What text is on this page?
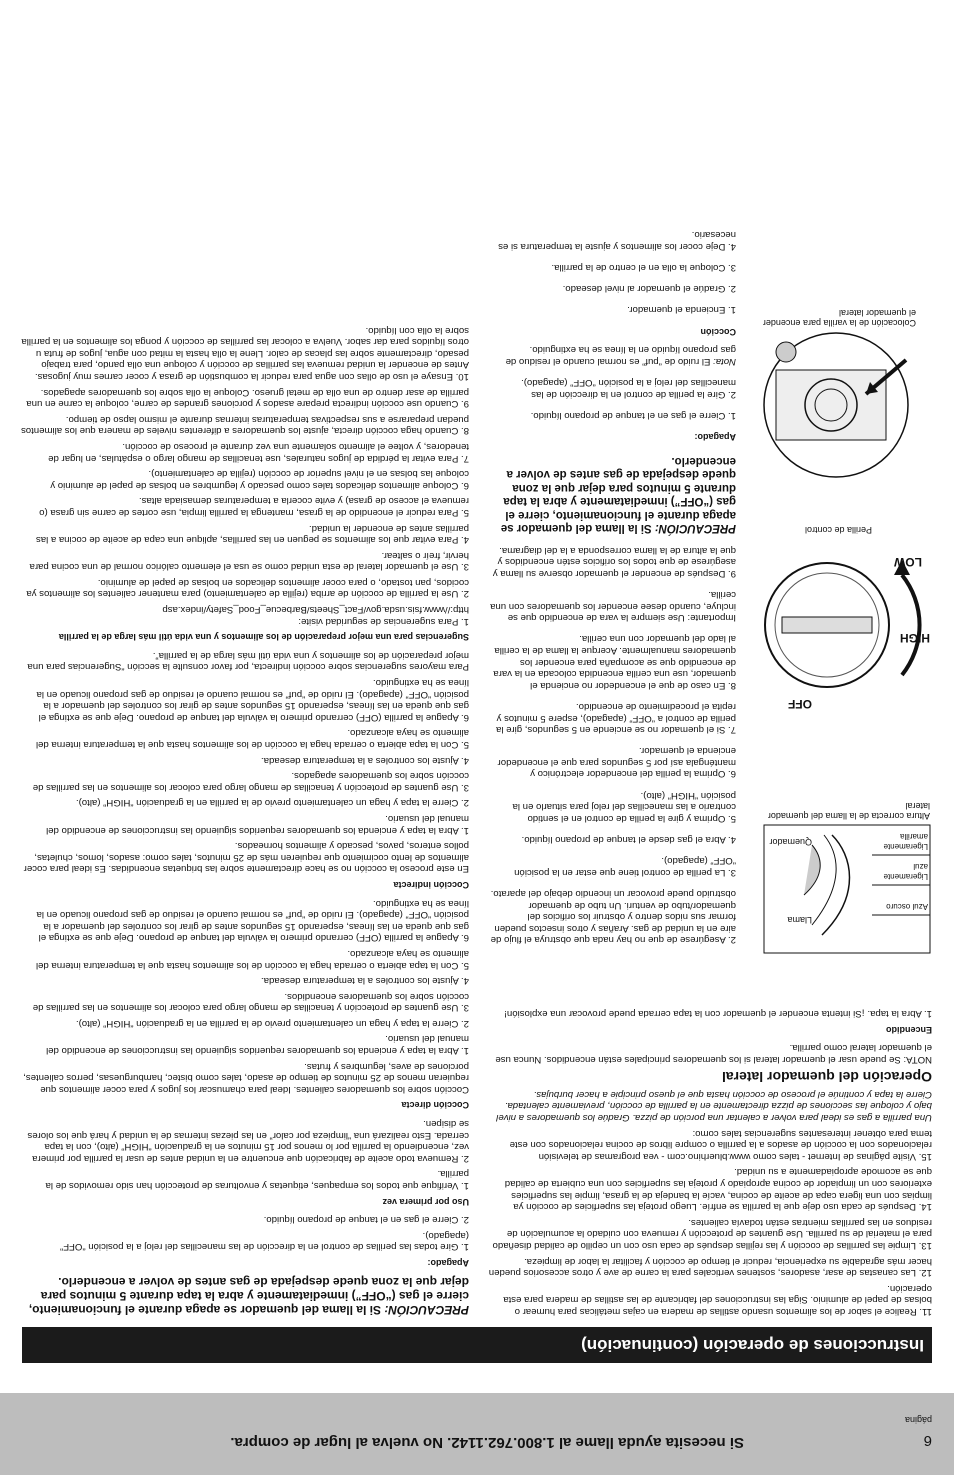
6
página
Si necesita ayuda llame al 1.800.762.1142. No vuelva al lugar de compra.
Instrucciones de operación (continuación)

PRECAUCIÓN: Si la llama del quemador se apaga durante el funcionamiento, cierre el gas (“OFF”) inmediatamente y abra la tapa durante 5 minutos para dejar que la zona quede despejada de gas antes de volver a encenderlo.

Apagado:

1. Gire todas las perillas de control en la dirección de las manecillas del reloj a la posición “OFF” (apagado).

2. Cierre el gas en el tanque de propano líquido.

Uso por primera vez

1. Verifique que todos los empaques, etiquetas y envolturas de protección han sido removidos de la parrilla.

2. Remueva todo aceite de fabricación que encuentre en la unidad antes de usar la parrilla por primera vez, encendiendo la parrilla por lo menos por 15 minutos en la graduación “HIGH” (alto), con la tapa cerrada. Esto realizará una “limpieza por calor” en las piezas internas de la unidad y hará que los olores se disipen.

Cocción directa

Cocción sobre los quemadores calientes. Ideal para chamuscar los jugos y para cocer alimentos que requieran menos de 25 minutos de tiempo de asado, tales como bistec, hamburguesas, perros calientes, porciones de aves, legumbres y frutas.

1. Abra la tapa y encienda los quemadores requeridos siguiendo las instrucciones de encendido del manual del usuario.

2. Cierre la tapa y haga un calentamiento previo de la parrilla en la graduación “HIGH” (alto).

3. Use guantes de protección y tenacillas de mango largo para colocar los alimentos en las parrillas de cocción sobre los quemadores encendidos.

4. Ajuste los controles a la temperatura deseada.

5. Con la tapa abierta o cerrada haga la cocción de los alimentos hasta que la temperatura interna del alimento se haya alcanzado.

6. Apague la parrilla (OFF) cerrando primero la válvula del tanque de propano. Deje que se extinga el gas que queda en las líneas, esperando 15 segundos antes de girar los controles del quemador a la posición “OFF” (apagado). El ruido de “puf” es normal cuando el residuo de gas propano licuado en la línea se ha extinguido.

Cocción indirecta

En este proceso la cocción no se hace directamente sobre las briquetas encendidas. Es ideal para cocer alimentos de lento cocimiento que requieren más de 25 minutos, tales como: asados, lomos, chuletas, pollos enteros, pavos, pescado y alimentos horneados.

1. Abra la tapa y encienda los quemadores requeridos siguiendo las instrucciones de encendido del manual del usuario.

2. Cierre la tapa y haga un calentamiento previo de la parrilla en la graduación “HIGH” (alto).

3. Use guantes de protección y tenacillas de mango largo para colocar los alimentos en las parrillas de cocción sobre los quemadores apagados.

4. Ajuste los controles a la temperatura deseada.

5. Con la tapa abierta o cerrada haga la cocción de los alimentos hasta que la temperatura interna del alimento se haya alcanzado.

6. Apague la parrilla (OFF) cerrando primero la válvula del tanque de propano. Deje que se extinga el gas que queda en las líneas, esperando 15 segundos antes de girar los controles del quemador a la posición “OFF” (apagado). El ruido de “puf” es normal cuando el residuo de gas propano licuado en la línea se ha extinguido.

Para mayores sugerencias sobre cocción indirecta, por favor consulte la sección “Sugerencias para una mejor preparación de los alimentos y una vida útil más larga de la parrilla”.

Sugerencias para una mejor preparación de los alimentos y una vida útil más larga de la parrilla

1. Para sugerencias de seguridad visite: http://www.fsis.usda.gov/Fact_Sheets/Barbecue_Food_Safety/index.asp

2. Use la parrilla de cocción de arriba (rejilla de calentamiento) para mantener calientes los alimentos ya cocidos, pan tostado, o para cocer alimentos delicados en bolsas de papel de aluminio.

3. Use el quemador lateral de esta unidad como se usa el elemento calórico normal de una cocina para hervir, freír o saltear.

4. Para evitar que los alimentos se peguen en las parrillas, aplique una capa de aceite de cocina a las parrillas antes de encender la unidad.

5. Para reducir el encendido de la grasa, mantenga la parrilla limpia, use cortes de carne sin grasa (o remueva el acceso de grasa) y evite cocerla a temperaturas demasiada altas.

6. Coloque alimentos delicados tales como pescado y legumbres en bolsas de papel de aluminio y coloque las bolsas en el nivel superior de cocción (rejilla de calentamiento).

7. Para evitar la pérdida de jugos naturales, use tenacillas de mango largo o espátulas, en lugar de tenedores, y voltee el alimento solamente una vez durante el proceso de cocción.

8. Cuando haga cocción directa, ajuste los quemadores a diferentes niveles de manera que los alimentos puedan prepararse a sus respectivas temperaturas internas durante el mismo lapso de tiempo.

9. Cuando use cocción indirecta prepare asados y porciones grandes de carne, coloque la carne en una parrilla de asar dentro de una olla de metal grueso. Coloque la olla sobre los quemadores apagados.

10. Ensaye el uso de ollas con agua para reducir la combustión de grasa y cocer carnes muy jugosas. Antes de encender la unidad remueva las parrillas de cocción y coloque una olla pando, para trabajo pesado, directamente sobre las placas de calor. Llene la olla hasta la mitad con agua, jugos de fruta u otros líquidos para dar sabor. Vuelva a colocar las parrillas de cocción y ponga los alimentos en la parrilla sobre la olla con líquido.

11. Realice el sabor de los alimentos usando astillas de madera en cajas metálicas para humear o bolsas de papel de aluminio. Siga las instrucciones del fabricante de las astillas de madera para esta operación.

12. Las canastas de asar, asadores, sostenes verticales para la carne de ave y otros accesorios pueden hacer más agradable su experiencia, reducir el tiempo de cocción y facilitar la labor de limpieza.

13. Limpie las parrillas de cocción y las rejillas después de cada uso con un cepillo de calidad diseñado para el material de su parrilla. Use guantes de protección y remueva con cuidado la acumulación de residuos en las parrillas mientras están todavía calientes.

14. Después de cada uso deje que la parrilla se enfríe. Luego proteja las superficies de cocción ya limpias con una ligera capa de aceite de cocina, vacíe la bandeja de la grasa, limpie las superficies exteriores con un limpiador de cocina apropiado y proteja las superficies con una cubierta de calidad que se acomode apropiadamente a su unidad.

15. Visite páginas de Internet - tales como www.bluerhino.com - vea programas de televisión relacionados con la cocción de asados a la parrilla o compre libros de cocina relacionados con este tema para obtener interesantes sugerencias tales como:

Una parrilla a gas es ideal para volver a calentar una porción de pizza. Gradúe los quemadores a nivel bajo y coloque las secciones de pizza directamente en la parrilla de cocción, previamente calentada. Cierre la tapa y continúe el proceso de cocción hasta que el queso principie a hacer burbujas.

Operación del quemador lateral

NOTA: Se puede usar el quemador lateral si los quemadores principales están encendidos. Nunca use el quemador lateral como parrilla.

Encendido

1. Abra la tapa. ¡Si intenta encender el quemador con la tapa cerrada puede provocar una explosión!

2. Asegúrese de que no hay nada que obstruya el flujo de aire en la unidad de gas. Arañas y otros insectos pueden formar sus nidos dentro y obstruir los orificios del quemador/tubo de venturi. Un tubo de quemador obstruido puede provocar un incendio debajo del aparato.

3. La perilla de control tiene que estar en la posición “OFF” (apagado).

4. Abra el gas desde el tanque de propano líquido.

5. Oprima y gire la perilla de control en el sentido contrario a las manecillas del reloj para situarlo en la posición “HIGH” (alto).

6. Oprima la perilla del encendedor electrónico y manténgala así por 5 segundos para que el encendedor encienda el quemador.

7. Si el quemador no se enciende en 5 segundos, gire la perilla de control a “OFF” (apagado), espere 5 minutos y repita el procedimiento de encendido.

8. En caso de que el encendedor no encienda el quemador, use una cerilla encendida colocada en la vara de encendido que se acompaña para encender los quemadores manualmente. Acerque la llama de la cerilla al lado del quemador con una cerilla.

Importante: Use siempre la vara de encendido que se incluye, cuando desee encender los quemadores con una cerilla.

9. Después de encender el quemador observe su llama y asegúrese de que todos los orificios estén encendidos y que la altura de la llama corresponda a la del diagrama.

PRECAUCIÓN: Si la llama del quemador se apaga durante el funcionamiento, cierre el gas (“OFF”) inmediatamente y abra la tapa durante 5 minutos para dejar que la zona quede despejada de gas antes de volver a encenderlo.

Apagado:

1. Cierre el gas en el tanque de propano líquido.

2. Gire la perilla de control en la dirección de las manecillas del reloj a la posición “OFF” (apagado).

Nota: El ruido de “puf” es normal cuando el residuo de gas propano líquido en la línea se ha extinguido.

Cocción

1. Encienda el quemador.

2. Gradúe el quemador al nivel deseado.

3. Coloque la olla en el centro de la parrilla.

4. Deje cocer los alimentos y ajuste la temperatura si es necesario.

Llama
Ligeramente amarilla
Ligeramente azul
Azul oscuro
Quemador
Altura correcta de la llama del quemador lateral
OFF
HIGH
LOW
Perilla de control
Colocación de la varilla para encender el quemador lateral
